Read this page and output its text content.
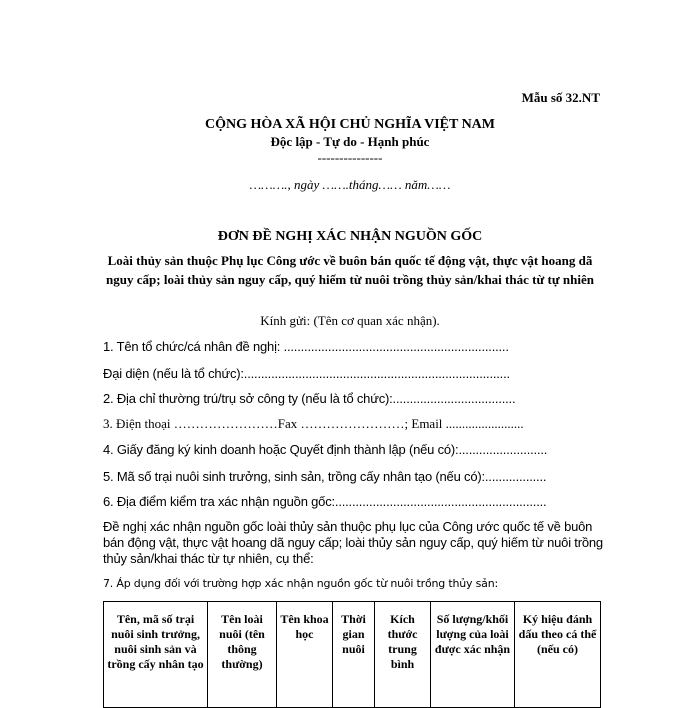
Mẫu số 32.NT
CỘNG HÒA XÃ HỘI CHỦ NGHĨA VIỆT NAM
Độc lập - Tự do - Hạnh phúc
---------------
………., ngày …….tháng…… năm……
ĐƠN ĐỀ NGHỊ XÁC NHẬN NGUỒN GỐC
Loài thủy sản thuộc Phụ lục Công ước về buôn bán quốc tế động vật, thực vật hoang dã nguy cấp; loài thủy sản nguy cấp, quý hiếm từ nuôi trồng thủy sản/khai thác từ tự nhiên
Kính gửi: (Tên cơ quan xác nhận).
1. Tên tổ chức/cá nhân đề nghị: ..................................................................
Đại diện (nếu là tổ chức):..............................................................................
2. Địa chỉ thường trú/trụ sở công ty (nếu là tổ chức):....................................
3. Điện thoại ……………………Fax ……………………; Email ........................
4. Giấy đăng ký kinh doanh hoặc Quyết định thành lập (nếu có):..........................
5. Mã số trại nuôi sinh trưởng, sinh sản, trồng cấy nhân tạo (nếu có):..................
6. Địa điểm kiểm tra xác nhận nguồn gốc:..............................................................
Đề nghị xác nhận nguồn gốc loài thủy sản thuộc phụ lục của Công ước quốc tế về buôn bán động vật, thực vật hoang dã nguy cấp; loài thủy sản nguy cấp, quý hiếm từ nuôi trồng thủy sản/khai thác từ tự nhiên, cụ thể:
7. Áp dụng đối với trường hợp xác nhận nguồn gốc từ nuôi trồng thủy sản:
Tên, mã số trại nuôi sinh trưởng, nuôi sinh sản và trồng cấy nhân tạo	Tên loài nuôi (tên thông thường)	Tên khoa học	Thời gian nuôi	Kích thước trung bình	Số lượng/khối lượng của loài được xác nhận	Ký hiệu đánh dấu theo cá thể (nếu có)
